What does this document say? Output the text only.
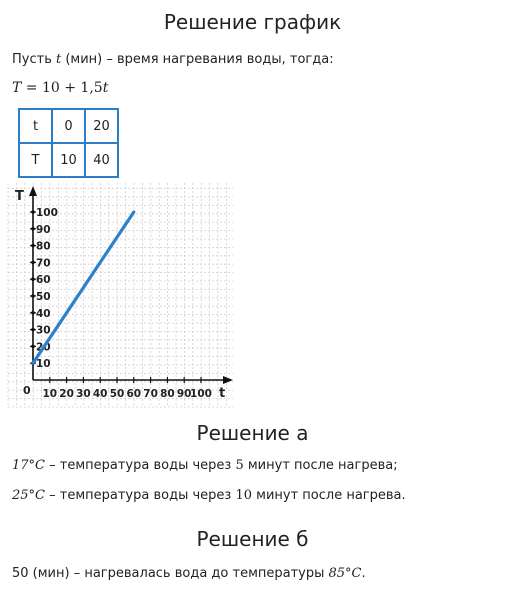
Решение график
Пусть t (мин) – время нагревания воды, тогда:
T = 10 + 1,5t
t	0	20
T	10	40
10
20
30
40
50
60
70
80
90
100
10 20 30 40 50 60 70 80 90
100
T
t
0
Решение а
17°C – температура воды через 5 минут после нагрева;
25°C – температура воды через 10 минут после нагрева.
Решение б
50 (мин) – нагревалась вода до температуры 85°C.
